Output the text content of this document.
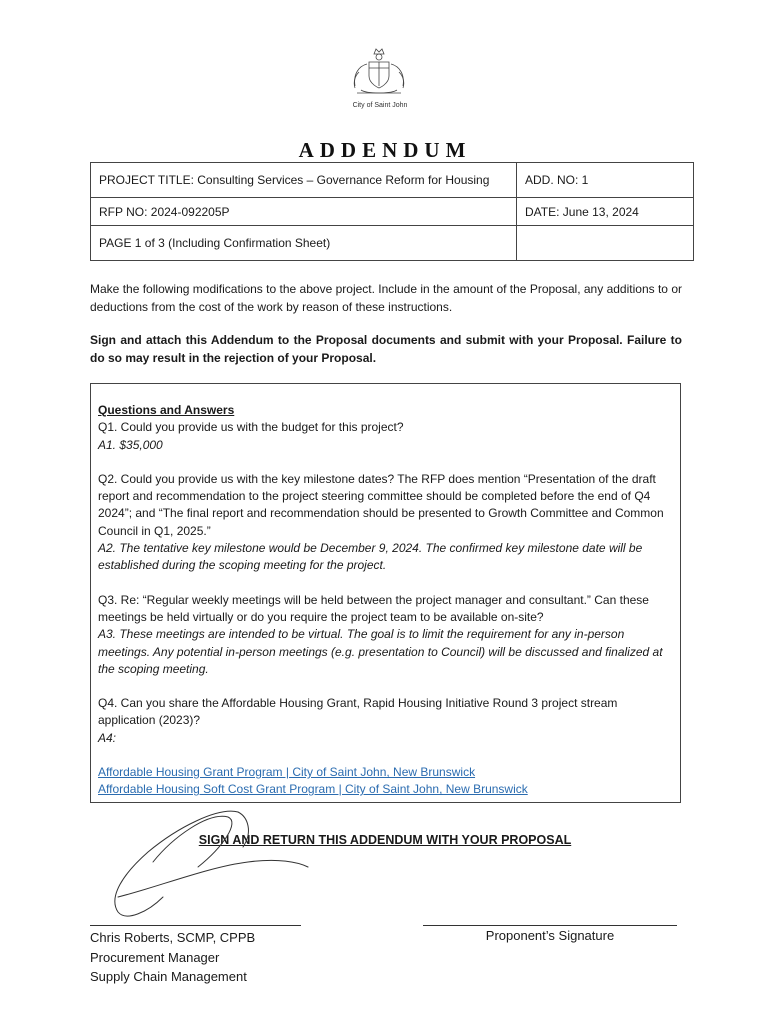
City of Saint John
ADDENDUM
PROJECT TITLE: Consulting Services – Governance Reform for Housing	ADD. NO: 1
RFP NO: 2024-092205P	DATE: June 13, 2024
PAGE 1 of 3 (Including Confirmation Sheet)	
Make the following modifications to the above project. Include in the amount of the Proposal, any additions to or deductions from the cost of the work by reason of these instructions.
Sign and attach this Addendum to the Proposal documents and submit with your Proposal. Failure to do so may result in the rejection of your Proposal.
Questions and Answers

Q1. Could you provide us with the budget for this project?
A1. $35,000

Q2. Could you provide us with the key milestone dates? The RFP does mention “Presentation of the draft report and recommendation to the project steering committee should be completed before the end of Q4 2024”; and “The final report and recommendation should be presented to Growth Committee and Common Council in Q1, 2025.”
A2. The tentative key milestone would be December 9, 2024. The confirmed key milestone date will be established during the scoping meeting for the project.

Q3. Re: “Regular weekly meetings will be held between the project manager and consultant.” Can these meetings be held virtually or do you require the project team to be available on-site?
A3. These meetings are intended to be virtual. The goal is to limit the requirement for any in-person meetings. Any potential in-person meetings (e.g. presentation to Council) will be discussed and finalized at the scoping meeting.

Q4. Can you share the Affordable Housing Grant, Rapid Housing Initiative Round 3 project stream application (2023)?
A4:

Affordable Housing Grant Program | City of Saint John, New Brunswick
Affordable Housing Soft Cost Grant Program | City of Saint John, New Brunswick
SIGN AND RETURN THIS ADDENDUM WITH YOUR PROPOSAL
Chris Roberts, SCMP, CPPB
Procurement Manager
Supply Chain Management
Proponent’s Signature
